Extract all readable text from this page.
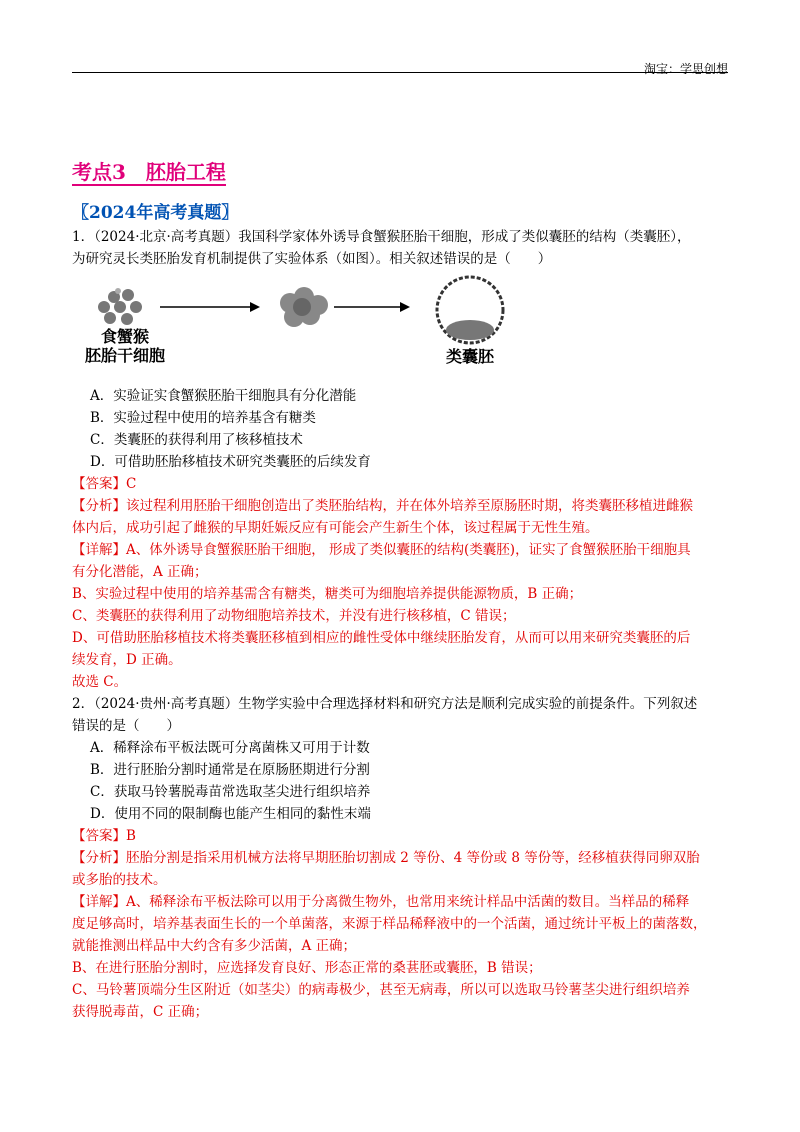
淘宝：学思创想
考点3　胚胎工程
〖2024年高考真题〗
1．（2024·北京·高考真题）我国科学家体外诱导食蟹猴胚胎干细胞，形成了类似囊胚的结构（类囊胚），
为研究灵长类胚胎发育机制提供了实验体系（如图）。相关叙述错误的是（　　）
食蟹猴
胚胎干细胞	类囊胚
A．实验证实食蟹猴胚胎干细胞具有分化潜能
B．实验过程中使用的培养基含有糖类
C．类囊胚的获得利用了核移植技术
D．可借助胚胎移植技术研究类囊胚的后续发育
【答案】C
【分析】该过程利用胚胎干细胞创造出了类胚胎结构，并在体外培养至原肠胚时期，将类囊胚移植进雌猴
体内后，成功引起了雌猴的早期妊娠反应有可能会产生新生个体，该过程属于无性生殖。
【详解】A、体外诱导食蟹猴胚胎干细胞， 形成了类似囊胚的结构(类囊胚)，证实了食蟹猴胚胎干细胞具
有分化潜能，A 正确；
B、实验过程中使用的培养基需含有糖类，糖类可为细胞培养提供能源物质，B 正确；
C、类囊胚的获得利用了动物细胞培养技术，并没有进行核移植，C 错误；
D、可借助胚胎移植技术将类囊胚移植到相应的雌性受体中继续胚胎发育，从而可以用来研究类囊胚的后
续发育，D 正确。
故选 C。
2．（2024·贵州·高考真题）生物学实验中合理选择材料和研究方法是顺利完成实验的前提条件。下列叙述
错误的是（　　）
A．稀释涂布平板法既可分离菌株又可用于计数
B．进行胚胎分割时通常是在原肠胚期进行分割
C．获取马铃薯脱毒苗常选取茎尖进行组织培养
D．使用不同的限制酶也能产生相同的黏性末端
【答案】B
【分析】胚胎分割是指采用机械方法将早期胚胎切割成 2 等份、4 等份或 8 等份等，经移植获得同卵双胎
或多胎的技术。
【详解】A、稀释涂布平板法除可以用于分离微生物外，也常用来统计样品中活菌的数目。当样品的稀释
度足够高时，培养基表面生长的一个单菌落，来源于样品稀释液中的一个活菌，通过统计平板上的菌落数，
就能推测出样品中大约含有多少活菌，A 正确；
B、在进行胚胎分割时，应选择发育良好、形态正常的桑葚胚或囊胚，B 错误；
C、马铃薯顶端分生区附近（如茎尖）的病毒极少，甚至无病毒，所以可以选取马铃薯茎尖进行组织培养
获得脱毒苗，C 正确；
